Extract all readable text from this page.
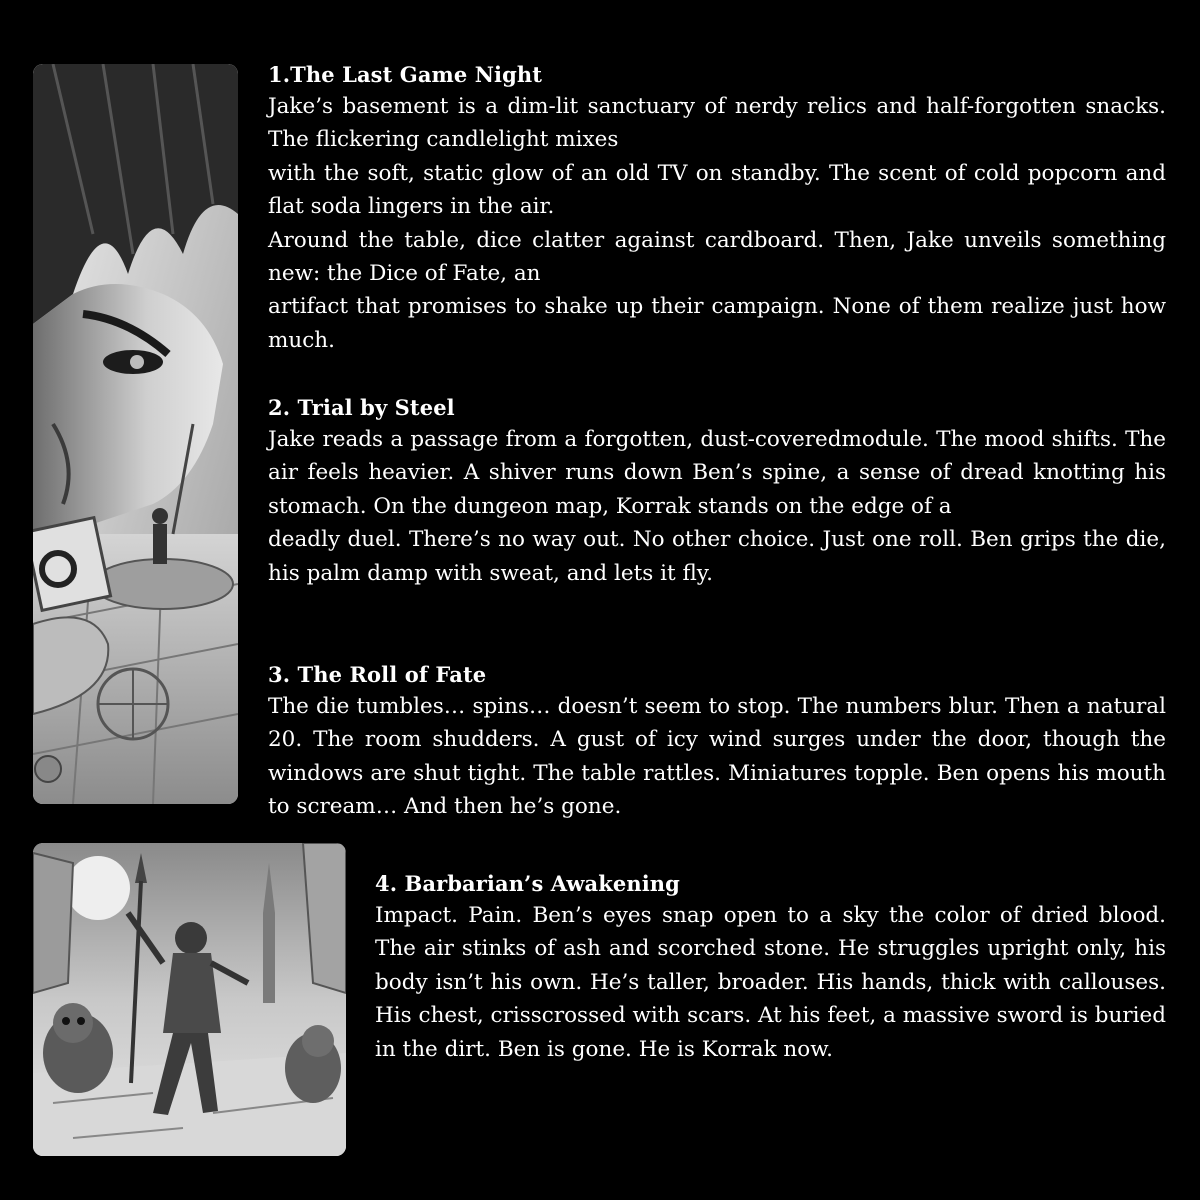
1.The Last Game Night

Jake’s basement is a dim-lit sanctuary of nerdy relics and half-forgotten snacks. The flickering candlelight mixes

with the soft, static glow of an old TV on standby. The scent of cold popcorn and flat soda lingers in the air.

Around the table, dice clatter against cardboard. Then, Jake unveils something new: the Dice of Fate, an

artifact that promises to shake up their campaign. None of them realize just how much.

2. Trial by Steel

Jake reads a passage from a forgotten, dust-coveredmodule. The mood shifts. The air feels heavier. A shiver runs down Ben’s spine, a sense of dread knotting his stomach. On the dungeon map, Korrak stands on the edge of a

deadly duel. There’s no way out. No other choice. Just one roll. Ben grips the die, his palm damp with sweat, and lets it fly.

3. The Roll of Fate

The die tumbles… spins… doesn’t seem to stop. The numbers blur. Then a natural 20. The room shudders. A gust of icy wind surges under the door, though the windows are shut tight. The table rattles. Miniatures topple. Ben opens his mouth to scream… And then he’s gone.

4. Barbarian’s Awakening

Impact. Pain. Ben’s eyes snap open to a sky the color of dried blood. The air stinks of ash and scorched stone. He struggles upright only, his body isn’t his own. He’s taller, broader. His hands, thick with callouses. His chest, crisscrossed with scars. At his feet, a massive sword is buried in the dirt. Ben is gone. He is Korrak now.
